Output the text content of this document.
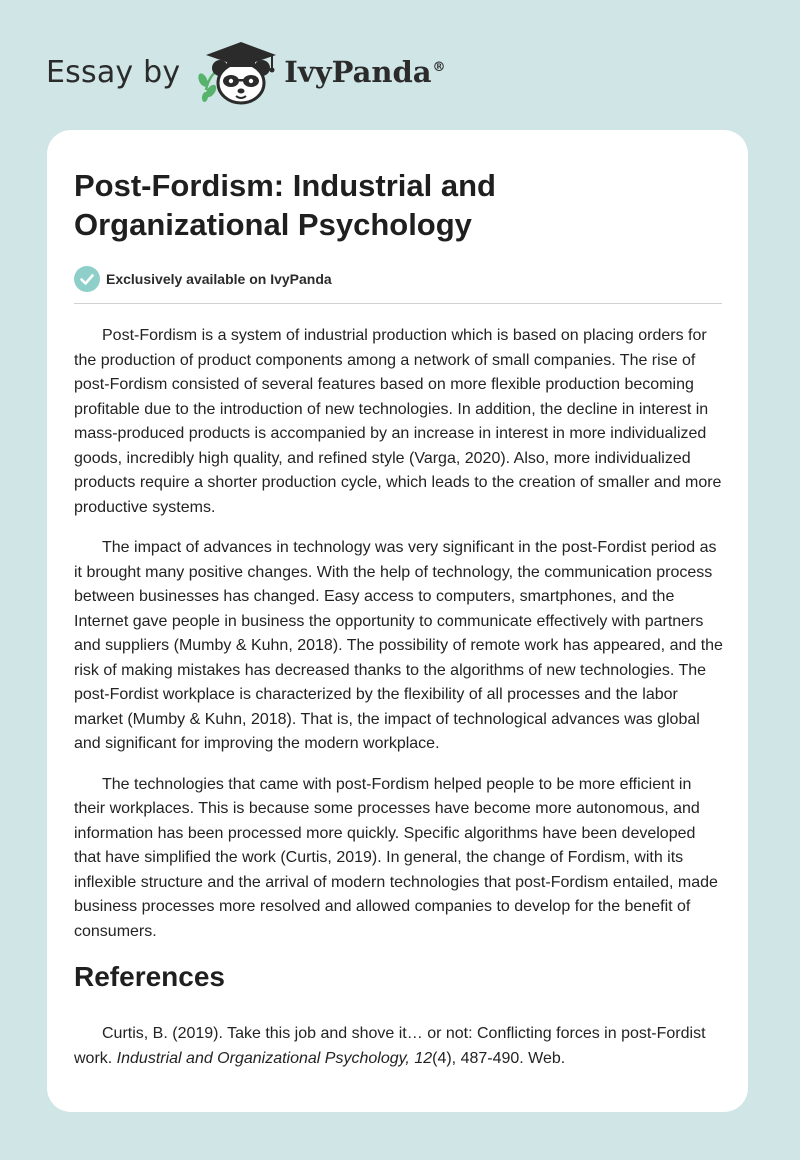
Essay by	IvyPanda®
Post-Fordism: Industrial and Organizational Psychology
Exclusively available on IvyPanda

Post-Fordism is a system of industrial production which is based on placing orders for the production of product components among a network of small companies. The rise of post-Fordism consisted of several features based on more flexible production becoming profitable due to the introduction of new technologies. In addition, the decline in interest in mass-produced products is accompanied by an increase in interest in more individualized goods, incredibly high quality, and refined style (Varga, 2020). Also, more individualized products require a shorter production cycle, which leads to the creation of smaller and more productive systems.

The impact of advances in technology was very significant in the post-Fordist period as it brought many positive changes. With the help of technology, the communication process between businesses has changed. Easy access to computers, smartphones, and the Internet gave people in business the opportunity to communicate effectively with partners and suppliers (Mumby & Kuhn, 2018). The possibility of remote work has appeared, and the risk of making mistakes has decreased thanks to the algorithms of new technologies. The post-Fordist workplace is characterized by the flexibility of all processes and the labor market (Mumby & Kuhn, 2018). That is, the impact of technological advances was global and significant for improving the modern workplace.

The technologies that came with post-Fordism helped people to be more efficient in their workplaces. This is because some processes have become more autonomous, and information has been processed more quickly. Specific algorithms have been developed that have simplified the work (Curtis, 2019). In general, the change of Fordism, with its inflexible structure and the arrival of modern technologies that post-Fordism entailed, made business processes more resolved and allowed companies to develop for the benefit of consumers.

References

Curtis, B. (2019). Take this job and shove it… or not: Conflicting forces in post-Fordist work. Industrial and Organizational Psychology, 12(4), 487-490. Web.
